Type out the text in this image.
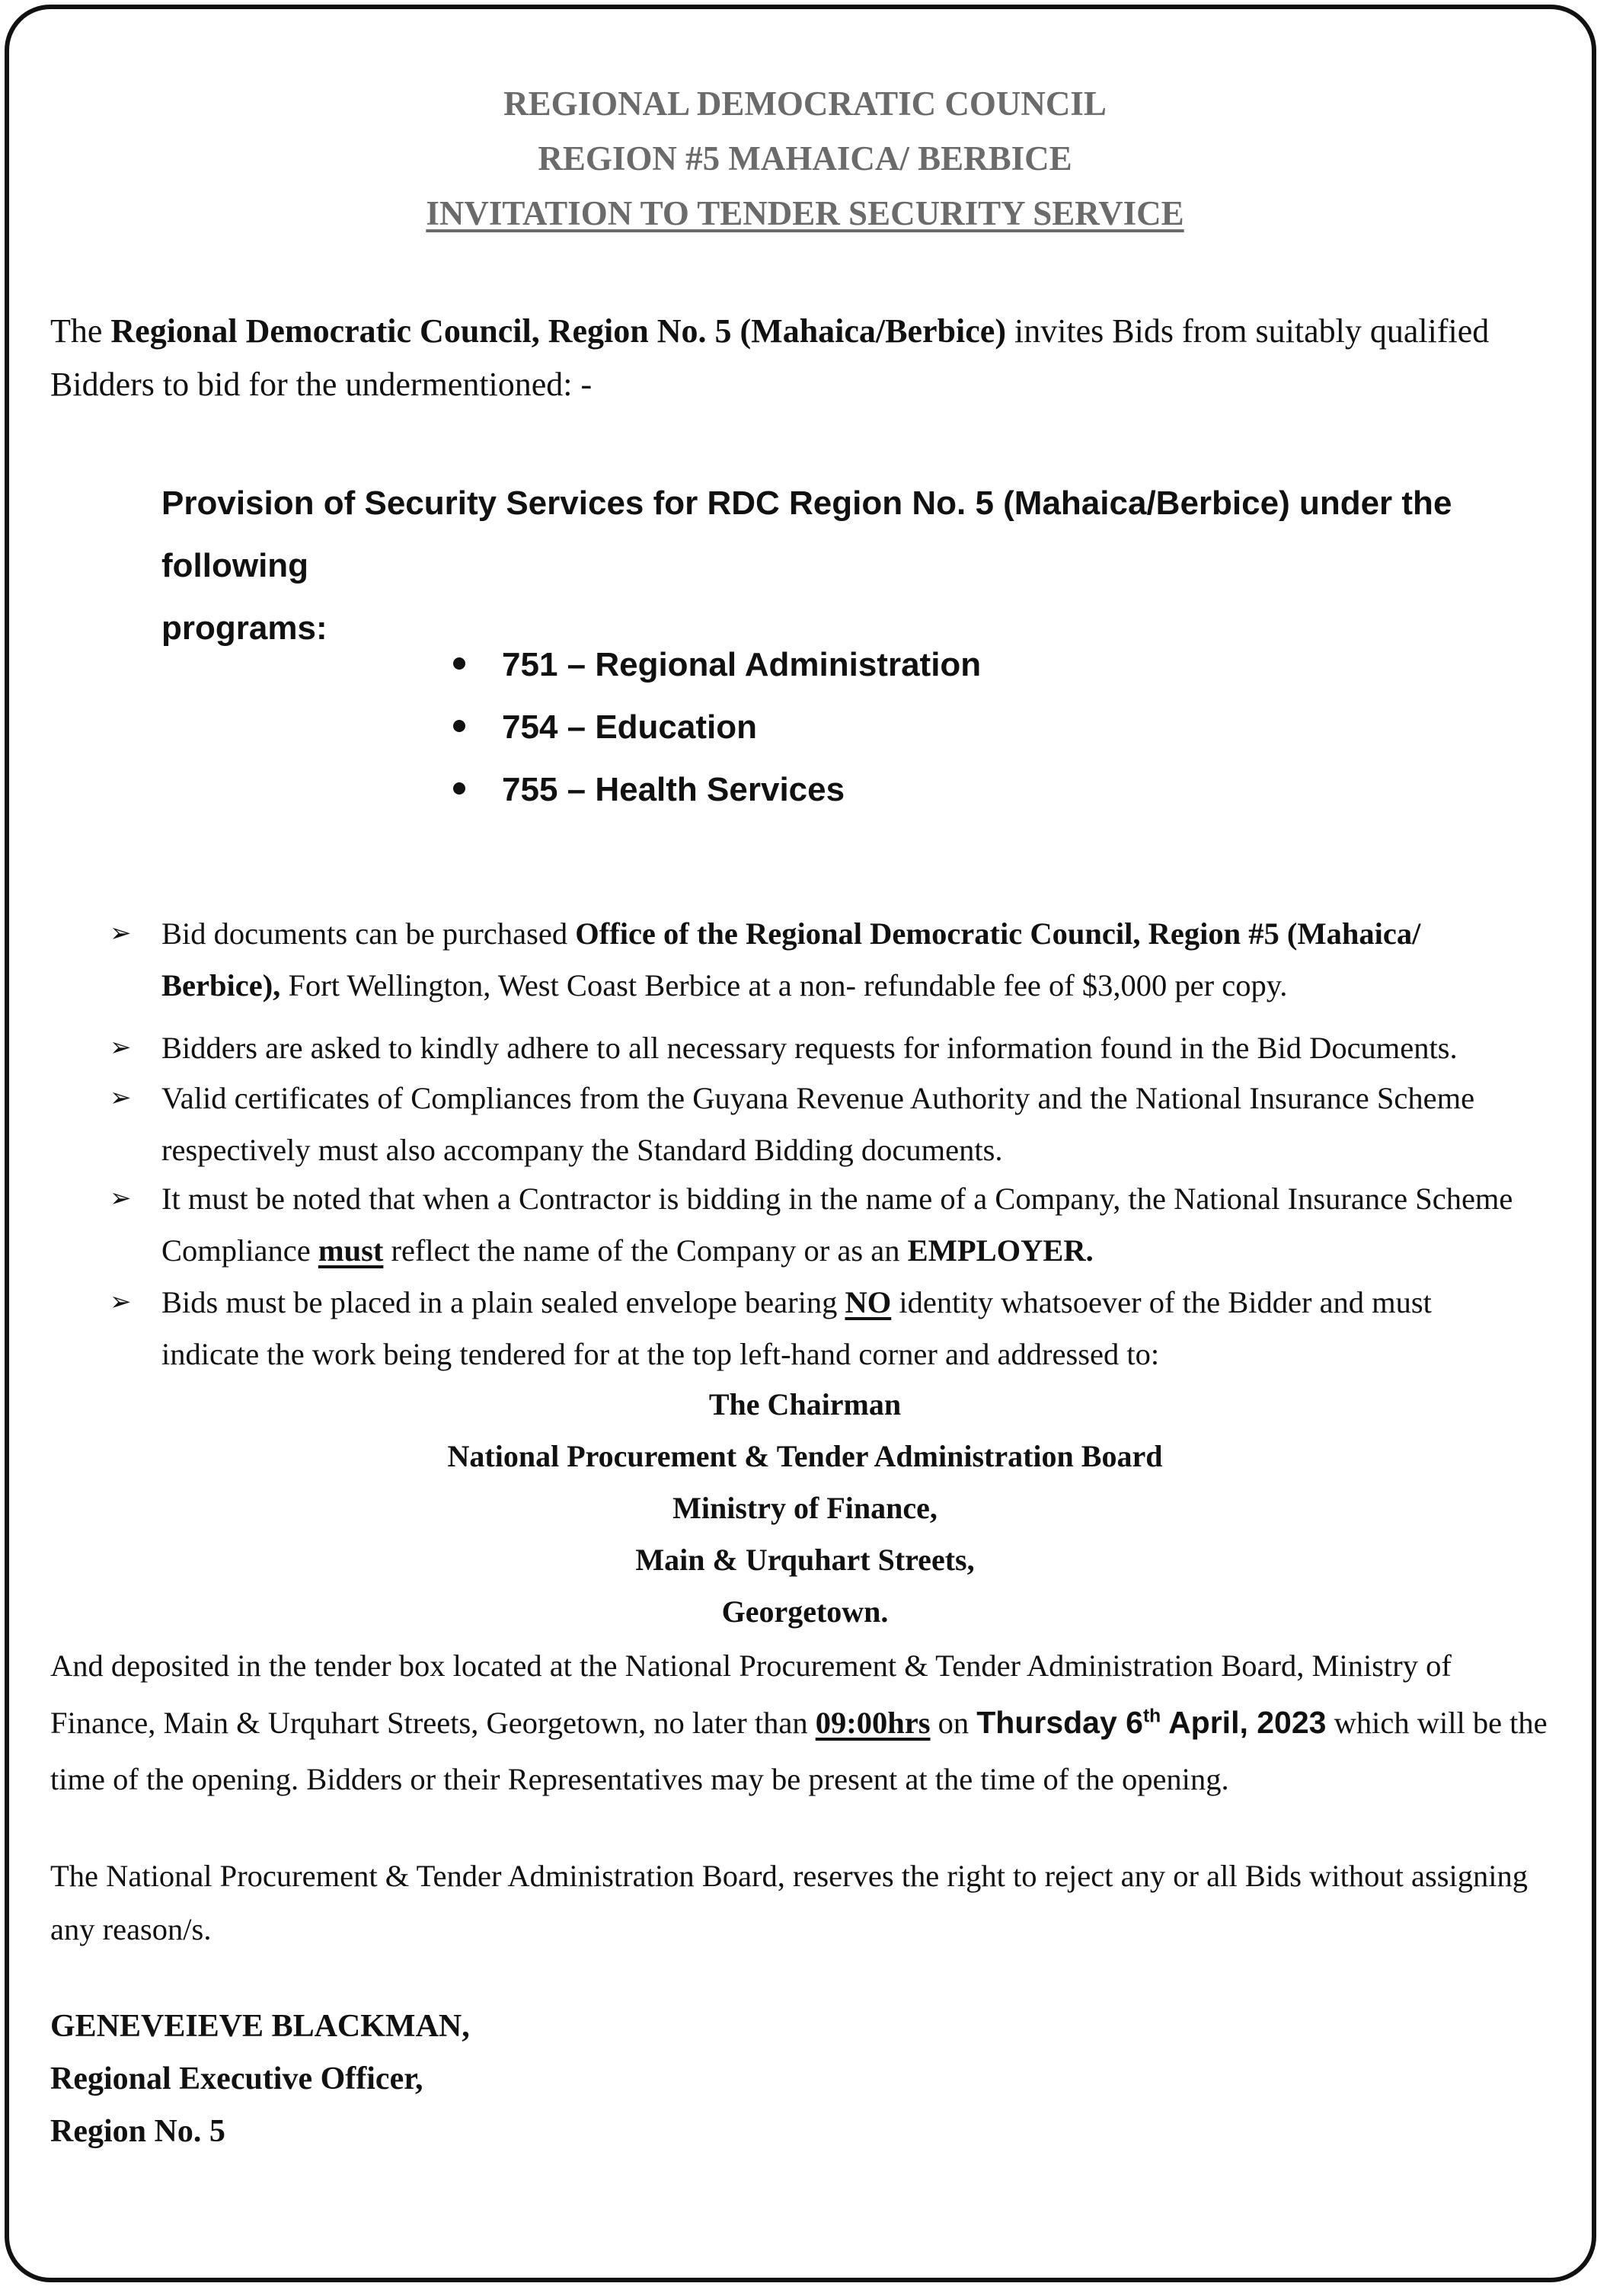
REGIONAL DEMOCRATIC COUNCIL
REGION #5 MAHAICA/ BERBICE
INVITATION TO TENDER SECURITY SERVICE
The Regional Democratic Council, Region No. 5 (Mahaica/Berbice) invites Bids from suitably qualified
Bidders to bid for the undermentioned: -
Provision of Security Services for RDC Region No. 5 (Mahaica/Berbice) under the following
programs:
751 – Regional Administration
754 – Education
755 – Health Services
➢ Bid documents can be purchased Office of the Regional Democratic Council, Region #5 (Mahaica/
Berbice), Fort Wellington, West Coast Berbice at a non- refundable fee of $3,000 per copy.
➢ Bidders are asked to kindly adhere to all necessary requests for information found in the Bid Documents.
➢ Valid certificates of Compliances from the Guyana Revenue Authority and the National Insurance Scheme
respectively must also accompany the Standard Bidding documents.
➢ It must be noted that when a Contractor is bidding in the name of a Company, the National Insurance Scheme
Compliance must reflect the name of the Company or as an EMPLOYER.
➢ Bids must be placed in a plain sealed envelope bearing NO identity whatsoever of the Bidder and must
indicate the work being tendered for at the top left-hand corner and addressed to:
The Chairman
National Procurement & Tender Administration Board
Ministry of Finance,
Main & Urquhart Streets,
Georgetown.
And deposited in the tender box located at the National Procurement & Tender Administration Board, Ministry of
Finance, Main & Urquhart Streets, Georgetown, no later than 09:00hrs on Thursday 6th April, 2023 which will be the
time of the opening. Bidders or their Representatives may be present at the time of the opening.
The National Procurement & Tender Administration Board, reserves the right to reject any or all Bids without assigning
any reason/s.
GENEVEIEVE BLACKMAN,
Regional Executive Officer,
Region No. 5
